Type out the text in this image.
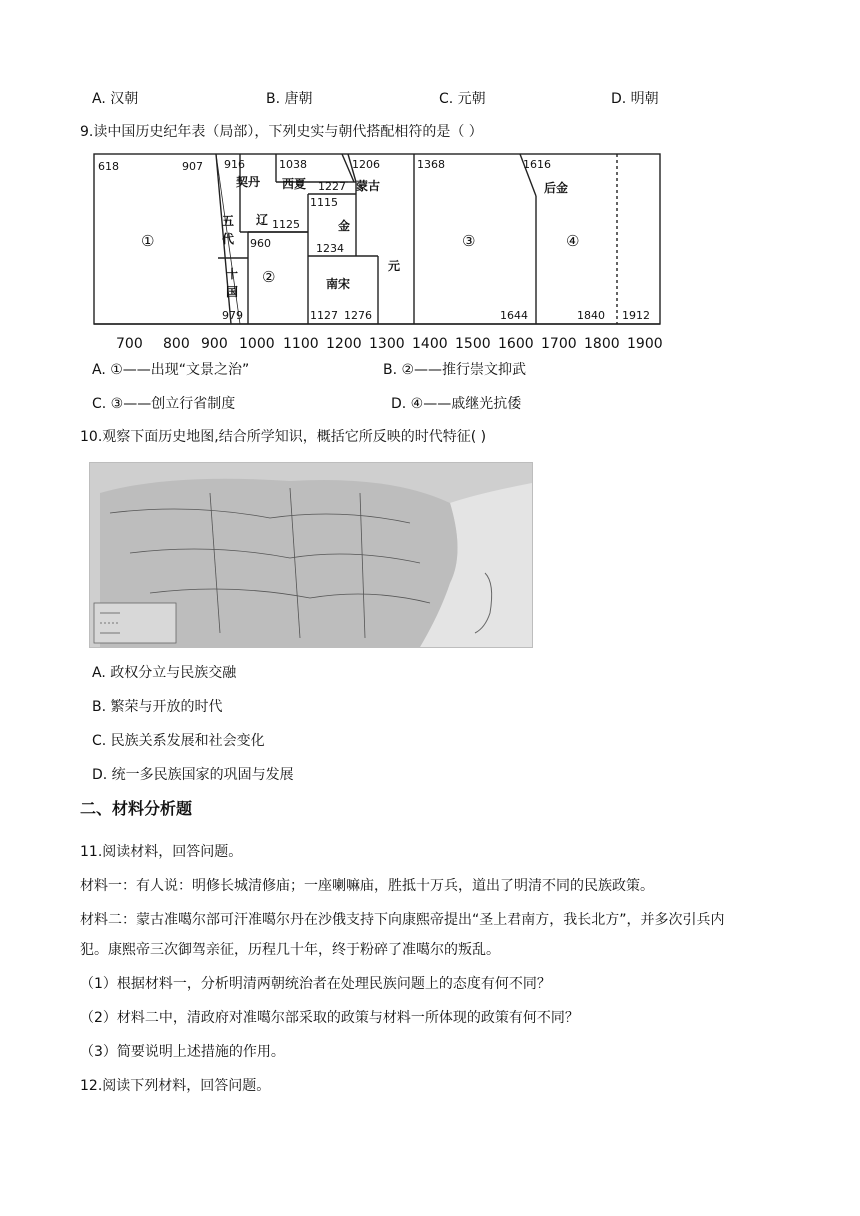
A. 汉朝	B. 唐朝	C. 元朝	D. 明朝
9.读中国历史纪年表（局部），下列史实与朝代搭配相符的是（ ）
700 800 900 1000 1100 1200 1300 1400 1500 1600 1700 1800 1900
618	907 916	1038	1206
1227
1115
1125
960	1234
979	1127 1276
1368
1644
1616
1840 1912
契丹 西夏	蒙古
五
代
辽	金
十
国
南宋
元
后金
①
②
③	④
A. ①——出现“文景之治”	B. ②——推行崇文抑武
C. ③——创立行省制度	D. ④——戚继光抗倭
10.观察下面历史地图,结合所学知识，概括它所反映的时代特征( )
A. 政权分立与民族交融
B. 繁荣与开放的时代
C. 民族关系发展和社会变化
D. 统一多民族国家的巩固与发展
二、材料分析题
11.阅读材料，回答问题。
材料一：有人说：明修长城清修庙；一座喇嘛庙，胜抵十万兵，道出了明清不同的民族政策。
材料二：蒙古准噶尔部可汗准噶尔丹在沙俄支持下向康熙帝提出“圣上君南方，我长北方”，并多次引兵内
犯。康熙帝三次御驾亲征，历程几十年，终于粉碎了准噶尔的叛乱。
（1）根据材料一，分析明清两朝统治者在处理民族问题上的态度有何不同？
（2）材料二中，清政府对准噶尔部采取的政策与材料一所体现的政策有何不同？
（3）简要说明上述措施的作用。
12.阅读下列材料，回答问题。
